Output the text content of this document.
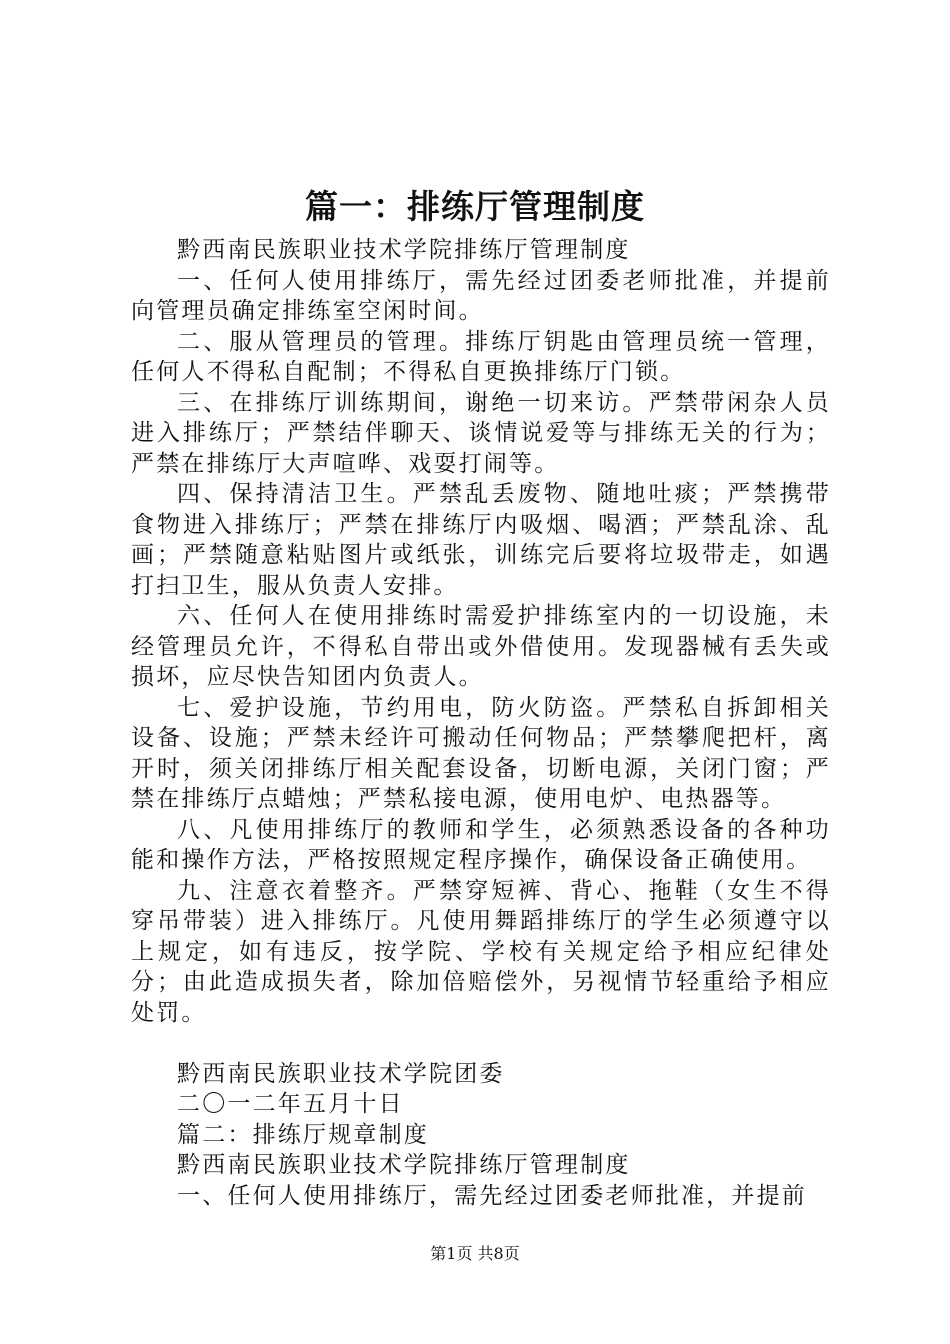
篇一：排练厅管理制度

黔西南民族职业技术学院排练厅管理制度

一、任何人使用排练厅，需先经过团委老师批准，并提前向管理员确定排练室空闲时间。

二、服从管理员的管理。排练厅钥匙由管理员统一管理，任何人不得私自配制；不得私自更换排练厅门锁。

三、在排练厅训练期间，谢绝一切来访。严禁带闲杂人员进入排练厅；严禁结伴聊天、谈情说爱等与排练无关的行为；严禁在排练厅大声喧哗、戏耍打闹等。

四、保持清洁卫生。严禁乱丢废物、随地吐痰；严禁携带食物进入排练厅；严禁在排练厅内吸烟、喝酒；严禁乱涂、乱画；严禁随意粘贴图片或纸张，训练完后要将垃圾带走，如遇打扫卫生，服从负责人安排。

六、任何人在使用排练时需爱护排练室内的一切设施，未经管理员允许，不得私自带出或外借使用。发现器械有丢失或损坏，应尽快告知团内负责人。

七、爱护设施，节约用电，防火防盗。严禁私自拆卸相关设备、设施；严禁未经许可搬动任何物品；严禁攀爬把杆，离开时，须关闭排练厅相关配套设备，切断电源，关闭门窗；严禁在排练厅点蜡烛；严禁私接电源，使用电炉、电热器等。

八、凡使用排练厅的教师和学生，必须熟悉设备的各种功能和操作方法，严格按照规定程序操作，确保设备正确使用。

九、注意衣着整齐。严禁穿短裤、背心、拖鞋（女生不得穿吊带装）进入排练厅。凡使用舞蹈排练厅的学生必须遵守以上规定，如有违反，按学院、学校有关规定给予相应纪律处分；由此造成损失者，除加倍赔偿外，另视情节轻重给予相应处罚。

黔西南民族职业技术学院团委

二〇一二年五月十日

篇二：排练厅规章制度

黔西南民族职业技术学院排练厅管理制度

一、任何人使用排练厅，需先经过团委老师批准，并提前

第1页 共8页
